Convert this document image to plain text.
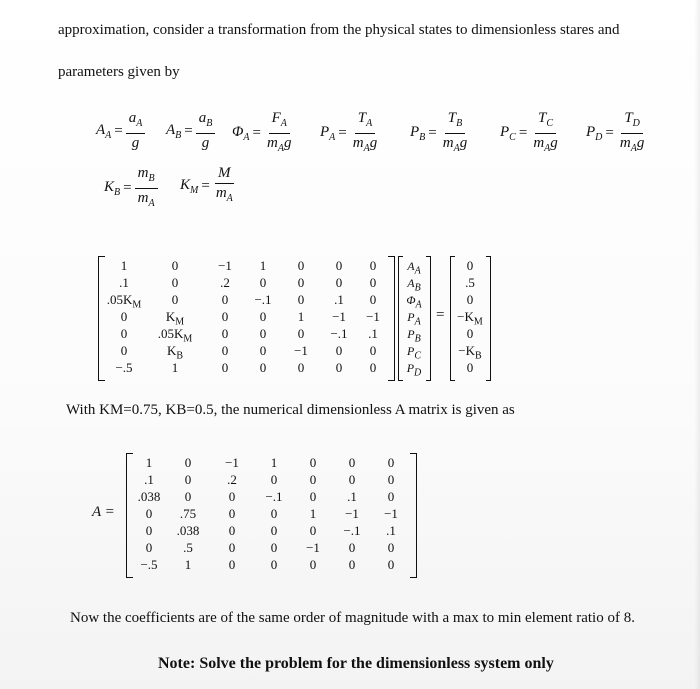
approximation, consider a transformation from the physical states to dimensionless stares and
parameters given by
With KM=0.75, KB=0.5, the numerical dimensionless A matrix is given as
Now the coefficients are of the same order of magnitude with a max to min element ratio of 8.
Note: Solve the problem for the dimensionless system only
$A_A = \frac{a_A}{g} A_B = \frac{a_B}{g} \Phi_A = \frac{F_A}{m_Ag} P_A = \frac{T_A}{m_Ag} P_B = \frac{T_B}{m_Ag} P_C = \frac{T_C}{m_Ag} P_D = \frac{T_D}{m_Ag}$
$K_B = \frac{m_B}{m_A} K_M = \frac{M}{m_A}$
1	0	−1	1	0	0	0
.1	0	.2	0	0	0	0
$.05K_M$	0	0	−.1	0	.1	0
0	$K_M$	0	0	1	−1	−1
0	$.05K_M$	0	0	0	−.1	.1
0	$K_B$	0	0	−1	0	0
−.5	1	0	0	0	0	0
$A_A$
$A_B$
$\Phi_A$
$P_A$
$P_B$
$P_C$
$P_D$
=
0
.5
0
$-K_M$
0
$-K_B$
0
A =
1	0	−1	1	0	0	0
.1	0	.2	0	0	0	0
.038	0	0	−.1	0	.1	0
0	.75	0	0	1	−1	−1
0	.038	0	0	0	−.1	.1
0	.5	0	0	−1	0	0
−.5	1	0	0	0	0	0
